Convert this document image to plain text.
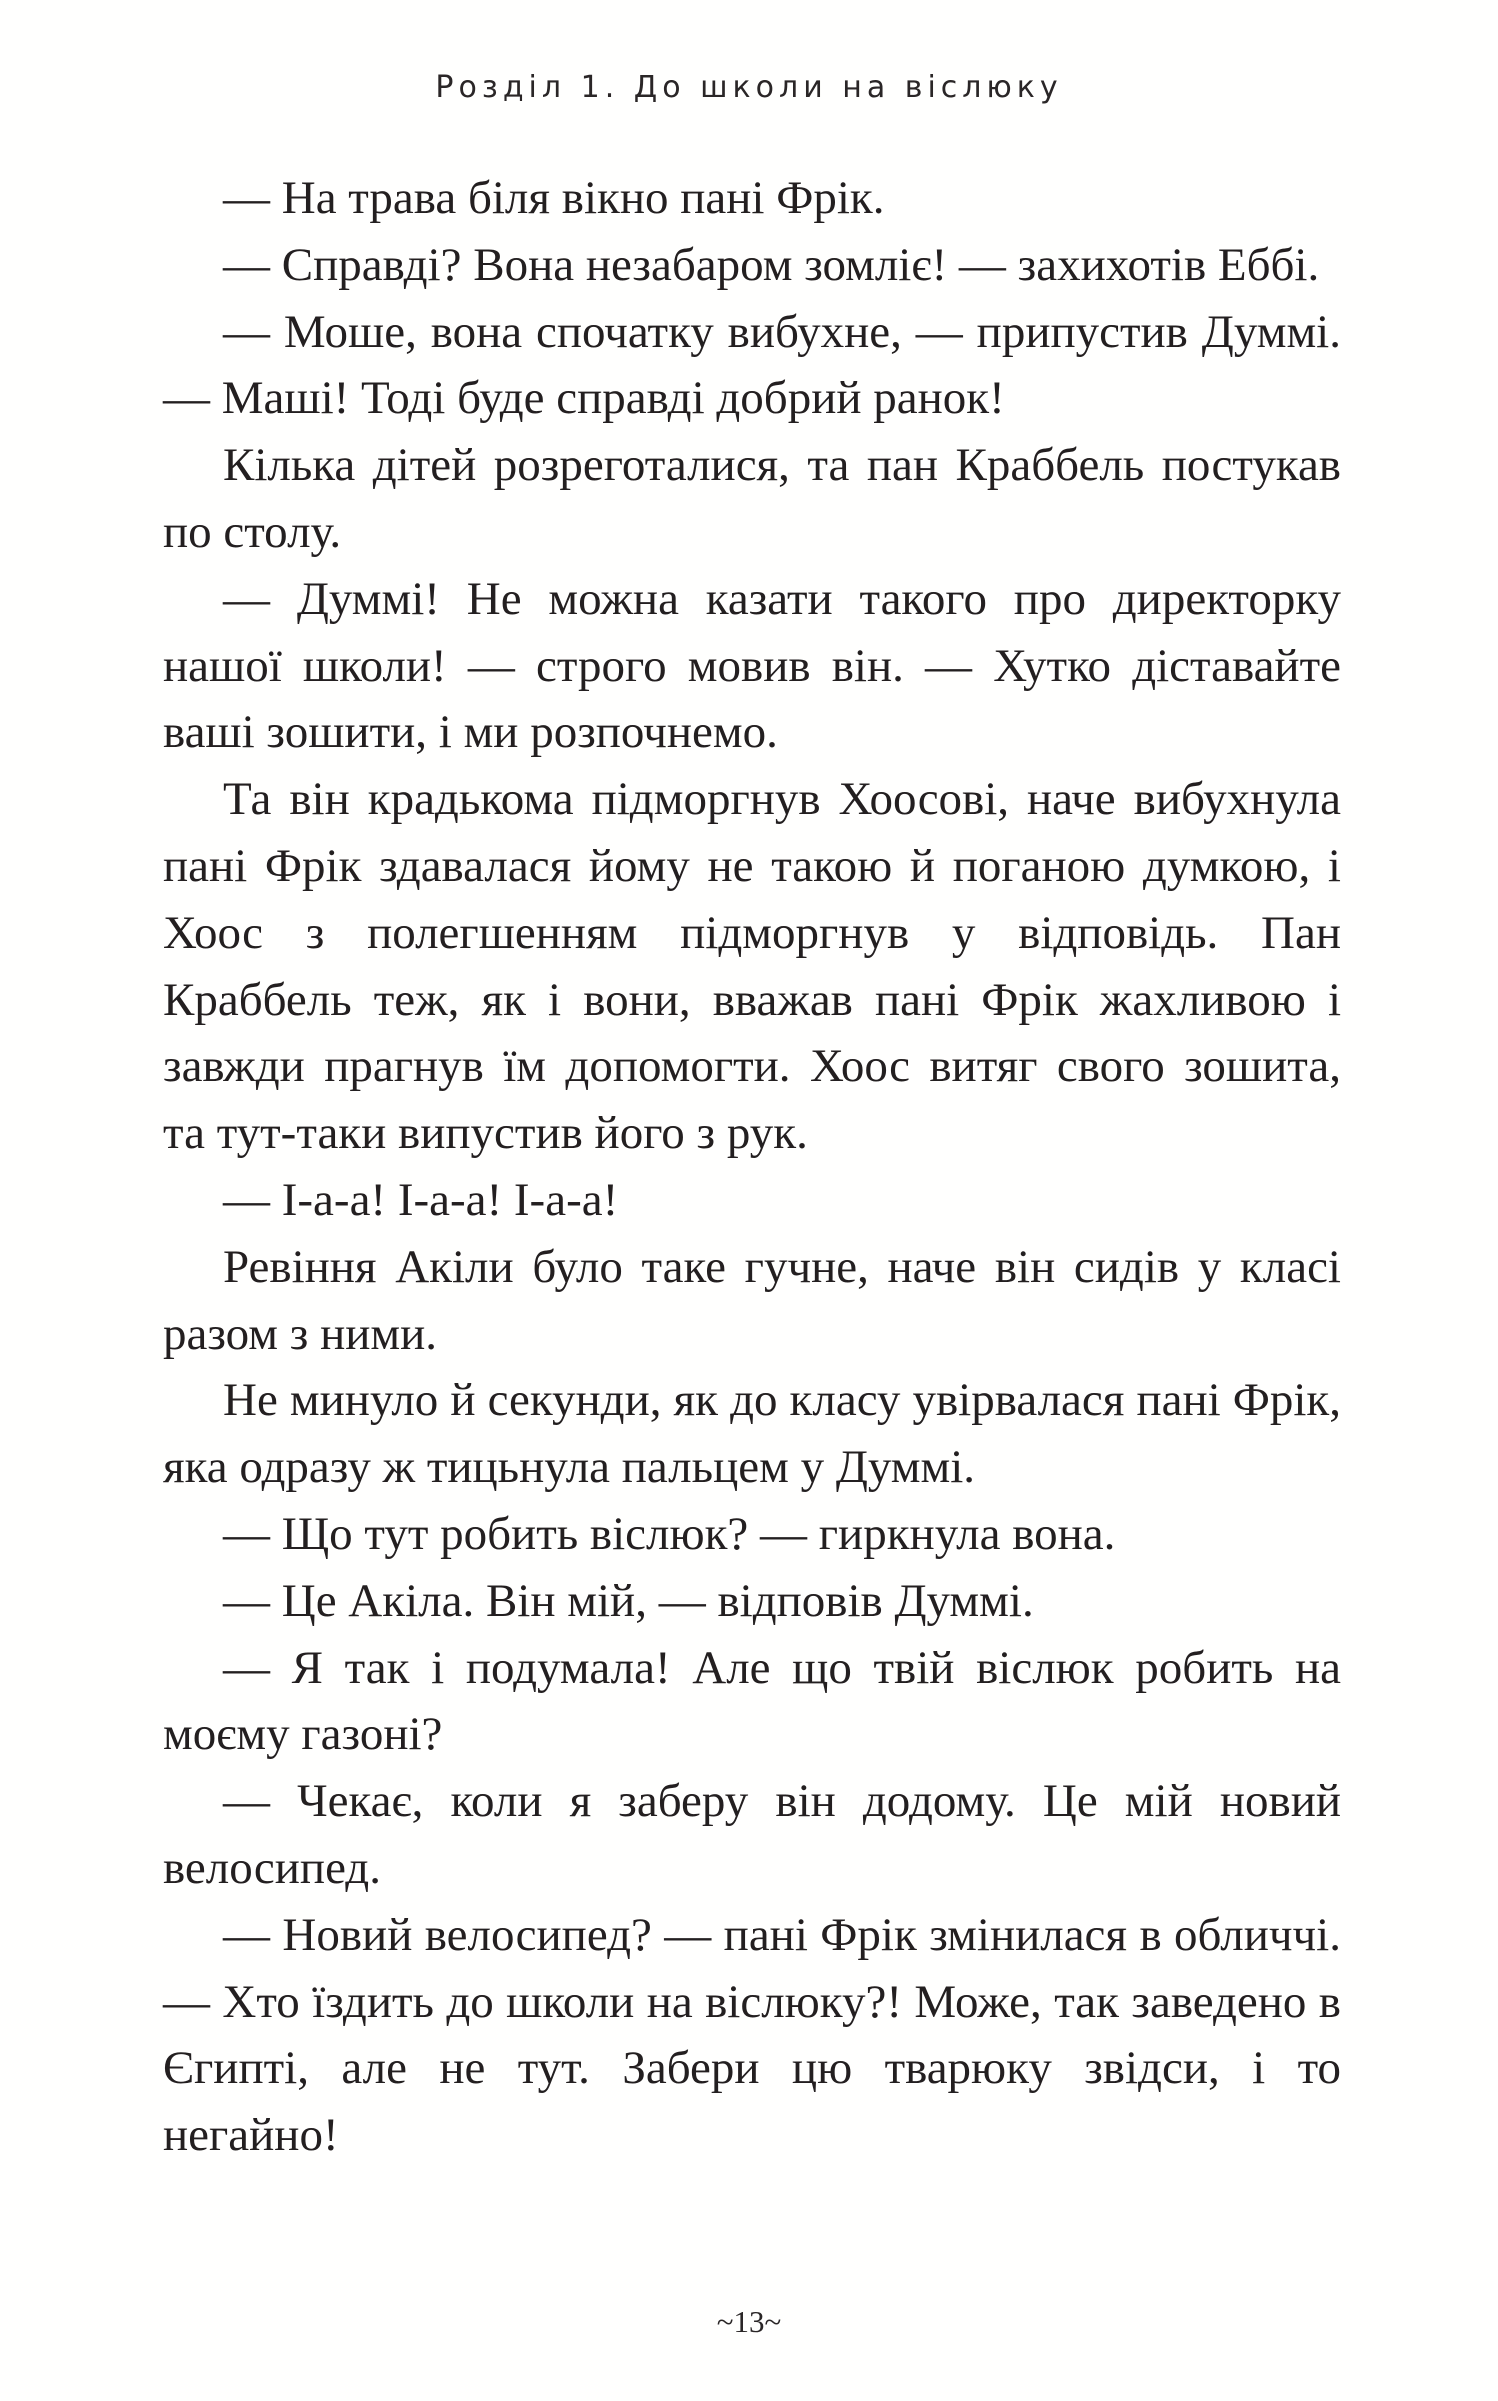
Розділ 1. До школи на віслюку

— На трава біля вікно пані Фрік.

— Справді? Вона незабаром зомліє! — захихотів Еббі.

— Моше, вона спочатку вибухне, — припустив Думмі. — Маші! Тоді буде справді добрий ранок!

Кілька дітей розреготалися, та пан Краббель постукав по столу.

— Думмі! Не можна казати такого про директорку нашої школи! — строго мовив він. — Хутко діставайте ваші зошити, і ми розпочнемо.

Та він крадькома підморгнув Хоосові, наче вибухнула пані Фрік здавалася йому не такою й поганою думкою, і Хоос з полегшенням підморгнув у відповідь. Пан Краббель теж, як і вони, вважав пані Фрік жахливою і завжди прагнув їм допомогти. Хоос витяг свого зошита, та тут-таки випустив його з рук.

— І-а-а! І-а-а! І-а-а!

Ревіння Акіли було таке гучне, наче він сидів у класі разом з ними.

Не минуло й секунди, як до класу увірвалася пані Фрік, яка одразу ж тицьнула пальцем у Думмі.

— Що тут робить віслюк? — гиркнула вона.

— Це Акіла. Він мій, — відповів Думмі.

— Я так і подумала! Але що твій віслюк робить на моєму газоні?

— Чекає, коли я заберу він додому. Це мій новий велосипед.

— Новий велосипед? — пані Фрік змінилася в обличчі. — Хто їздить до школи на віслюку?! Може, так заведено в Єгипті, але не тут. Забери цю тварюку звідси, і то негайно!

~13~
